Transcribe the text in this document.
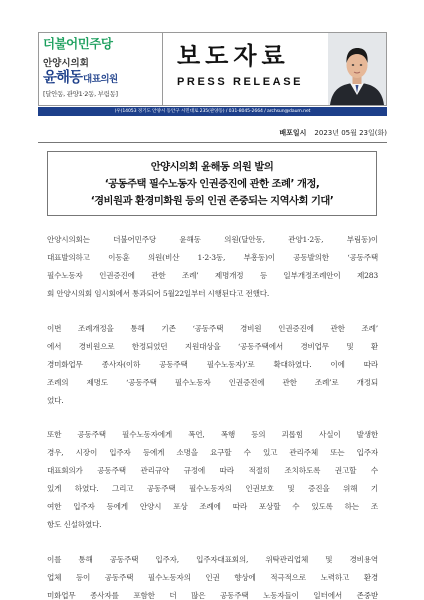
더불어민주당
안양시의회
윤해동대표의원
[달안동, 관양1·2동, 부림동]
보도자료
PRESS RELEASE
(우)14053 경기도 안양시 동안구 시민대로 235(관양동) / 031-8045-2664 / archsun@daum.net
배포일시 2023년 05월 23일(화)
안양시의회 윤해동 의원 발의
‘공동주택 필수노동자 인권증진에 관한 조례’ 개정,
‘경비원과 환경미화원 등의 인권 존중되는 지역사회 기대’
안양시의회는 더불어민주당 윤해동 의원(달안동, 관양1·2동, 부림동)이
대표발의하고 이동훈 의원(비산 1·2·3동, 부흥동)이 공동발의한 ‘공동주택
필수노동자 인권증진에 관한 조례’ 제명개정 등 일부개정조례안이 제283
회 안양시의회 임시회에서 통과되어 5월22일부터 시행된다고 전했다.
이번 조례개정을 통해 기존 ‘공동주택 경비원 인권증진에 관한 조례’
에서 경비원으로 한정되었던 지원대상을 ‘공동주택에서 경비업무 및 환
경미화업무 종사자(이하 공동주택 필수노동자)’로 확대하였다. 이에 따라
조례의 제명도 ‘공동주택 필수노동자 인권증진에 관한 조례’로 개정되
었다.
또한 공동주택 필수노동자에게 폭언, 폭행 등의 괴롭힘 사실이 발생한
경우, 시장이 입주자 등에게 소명을 요구할 수 있고 관리주체 또는 입주자
대표회의가 공동주택 관리규약 규정에 따라 적절히 조치하도록 권고할 수
있게 하였다. 그리고 공동주택 필수노동자의 인권보호 및 증진을 위해 기
여한 입주자 등에게 안양시 포상 조례에 따라 포상할 수 있도록 하는 조
항도 신설하였다.
이를 통해 공동주택 입주자, 입주자대표회의, 위탁관리업체 및 경비용역
업체 등이 공동주택 필수노동자의 인권 향상에 적극적으로 노력하고 환경
미화업무 종사자를 포함한 더 많은 공동주택 노동자들이 일터에서 존중받
